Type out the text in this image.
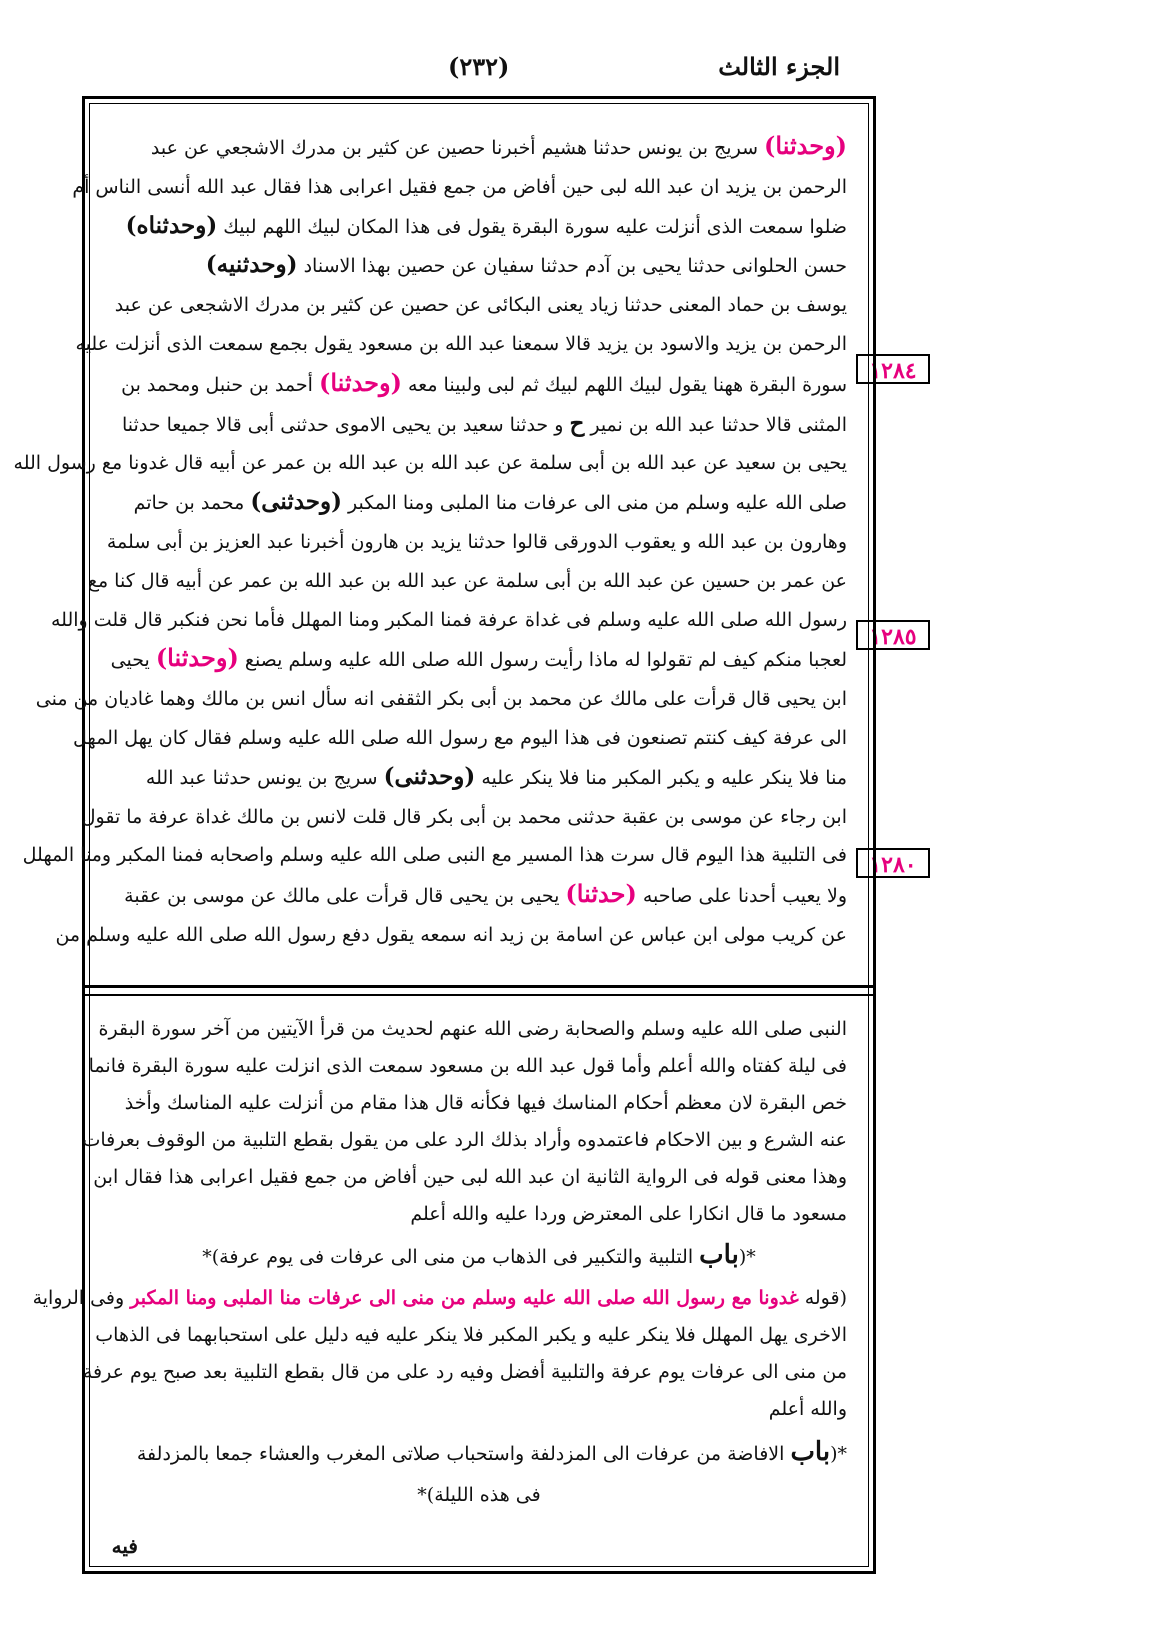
الجزء الثالث
(٢٣٢)
١٢٨٤
١٢٨٥
١٢٨٠
(وحدثنا) سريج بن يونس حدثنا هشيم أخبرنا حصين عن كثير بن مدرك الاشجعي عن عبد
الرحمن بن يزيد ان عبد الله لبى حين أفاض من جمع فقيل اعرابى هذا فقال عبد الله أنسى الناس أم
ضلوا سمعت الذى أنزلت عليه سورة البقرة يقول فى هذا المكان لبيك اللهم لبيك (وحدثناه)
حسن الحلوانى حدثنا يحيى بن آدم حدثنا سفيان عن حصين بهذا الاسناد (وحدثنيه)
يوسف بن حماد المعنى حدثنا زياد يعنى البكائى عن حصين عن كثير بن مدرك الاشجعى عن عبد
الرحمن بن يزيد والاسود بن يزيد قالا سمعنا عبد الله بن مسعود يقول بجمع سمعت الذى أنزلت عليه
سورة البقرة ههنا يقول لبيك اللهم لبيك ثم لبى ولبينا معه (وحدثنا) أحمد بن حنبل ومحمد بن
المثنى قالا حدثنا عبد الله بن نمير ح و حدثنا سعيد بن يحيى الاموى حدثنى أبى قالا جميعا حدثنا
يحيى بن سعيد عن عبد الله بن أبى سلمة عن عبد الله بن عبد الله بن عمر عن أبيه قال غدونا مع رسول الله
صلى الله عليه وسلم من منى الى عرفات منا الملبى ومنا المكبر (وحدثنى) محمد بن حاتم
وهارون بن عبد الله و يعقوب الدورقى قالوا حدثنا يزيد بن هارون أخبرنا عبد العزيز بن أبى سلمة
عن عمر بن حسين عن عبد الله بن أبى سلمة عن عبد الله بن عبد الله بن عمر عن أبيه قال كنا مع
رسول الله صلى الله عليه وسلم فى غداة عرفة فمنا المكبر ومنا المهلل فأما نحن فنكبر قال قلت والله
لعجبا منكم كيف لم تقولوا له ماذا رأيت رسول الله صلى الله عليه وسلم يصنع (وحدثنا) يحيى
ابن يحيى قال قرأت على مالك عن محمد بن أبى بكر الثقفى انه سأل انس بن مالك وهما غاديان من منى
الى عرفة كيف كنتم تصنعون فى هذا اليوم مع رسول الله صلى الله عليه وسلم فقال كان يهل المهل
منا فلا ينكر عليه و يكبر المكبر منا فلا ينكر عليه (وحدثنى) سريج بن يونس حدثنا عبد الله
ابن رجاء عن موسى بن عقبة حدثنى محمد بن أبى بكر قال قلت لانس بن مالك غداة عرفة ما تقول
فى التلبية هذا اليوم قال سرت هذا المسير مع النبى صلى الله عليه وسلم واصحابه فمنا المكبر ومنا المهلل
ولا يعيب أحدنا على صاحبه (حدثنا) يحيى بن يحيى قال قرأت على مالك عن موسى بن عقبة
عن كريب مولى ابن عباس عن اسامة بن زيد انه سمعه يقول دفع رسول الله صلى الله عليه وسلم من
النبى صلى الله عليه وسلم والصحابة رضى الله عنهم لحديث من قرأ الآيتين من آخر سورة البقرة
فى ليلة كفتاه والله أعلم وأما قول عبد الله بن مسعود سمعت الذى انزلت عليه سورة البقرة فانما
خص البقرة لان معظم أحكام المناسك فيها فكأنه قال هذا مقام من أنزلت عليه المناسك وأخذ
عنه الشرع و بين الاحكام فاعتمدوه وأراد بذلك الرد على من يقول بقطع التلبية من الوقوف بعرفات
وهذا معنى قوله فى الرواية الثانية ان عبد الله لبى حين أفاض من جمع فقيل اعرابى هذا فقال ابن
مسعود ما قال انكارا على المعترض وردا عليه والله أعلم
*(باب التلبية والتكبير فى الذهاب من منى الى عرفات فى يوم عرفة)*
(قوله غدونا مع رسول الله صلى الله عليه وسلم من منى الى عرفات منا الملبى ومنا المكبر وفى الرواية
الاخرى يهل المهلل فلا ينكر عليه و يكبر المكبر فلا ينكر عليه فيه دليل على استحبابهما فى الذهاب
من منى الى عرفات يوم عرفة والتلبية أفضل وفيه رد على من قال بقطع التلبية بعد صبح يوم عرفة
والله أعلم
*(باب الافاضة من عرفات الى المزدلفة واستحباب صلاتى المغرب والعشاء جمعا بالمزدلفة
فى هذه الليلة)*
فيه
